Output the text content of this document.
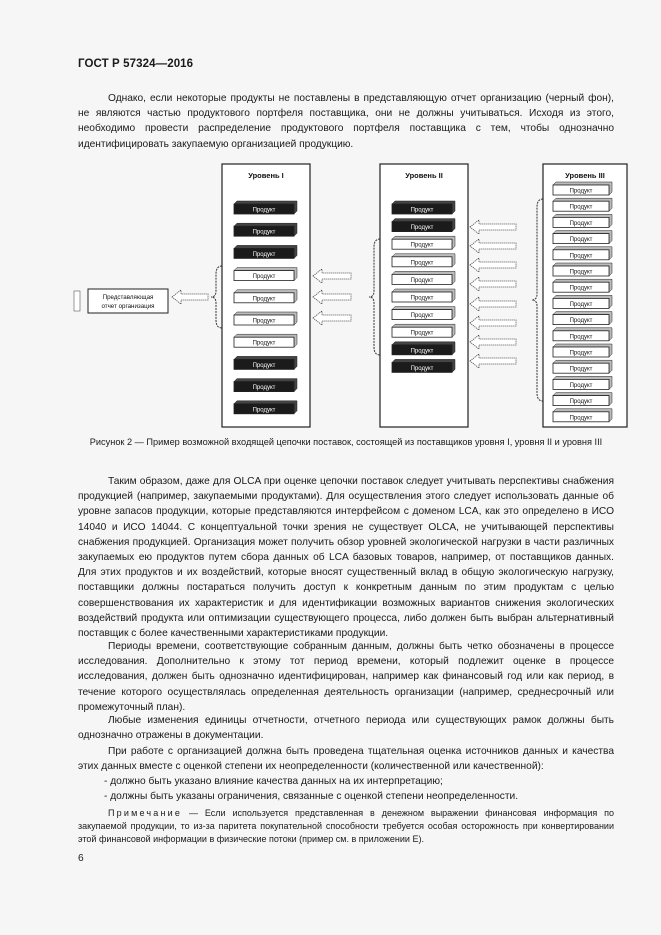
ГОСТ Р 57324—2016
Однако, если некоторые продукты не поставлены в представляющую отчет организацию (черный фон), не являются частью продуктового портфеля поставщика, они не должны учитываться. Исходя из этого, необходимо провести распределение продуктового портфеля поставщика с тем, чтобы однозначно идентифицировать закупаемую организацией продукцию.
Представляющая
отчет организация
Уровень I
Продукт
Продукт
Продукт
Продукт
Продукт
Продукт
Продукт
Продукт
Продукт
Продукт
Уровень II
Продукт
Продукт
Продукт
Продукт
Продукт
Продукт
Продукт
Продукт
Продукт
Продукт
Уровень III
Продукт
Продукт
Продукт
Продукт
Продукт
Продукт
Продукт
Продукт
Продукт
Продукт
Продукт
Продукт
Продукт
Продукт
Продукт
Рисунок 2 — Пример возможной входящей цепочки поставок, состоящей из поставщиков уровня I, уровня II и уровня III
Таким образом, даже для OLCA при оценке цепочки поставок следует учитывать перспективы снабжения продукцией (например, закупаемыми продуктами). Для осуществления этого следует использовать данные об уровне запасов продукции, которые представляются интерфейсом с доменом LCA, как это определено в ИСО 14040 и ИСО 14044. С концептуальной точки зрения не существует OLCA, не учитывающей перспективы снабжения продукцией. Организация может получить обзор уровней экологической нагрузки в части различных закупаемых ею продуктов путем сбора данных об LCA базовых товаров, например, от поставщиков данных. Для этих продуктов и их воздействий, которые вносят существенный вклад в общую экологическую нагрузку, поставщики должны постараться получить доступ к конкретным данным по этим продуктам с целью совершенствования их характеристик и для идентификации возможных вариантов снижения экологических воздействий продукта или оптимизации существующего процесса, либо должен быть выбран альтернативный поставщик с более качественными характеристиками продукции.
Периоды времени, соответствующие собранным данным, должны быть четко обозначены в процессе исследования. Дополнительно к этому тот период времени, который подлежит оценке в процессе исследования, должен быть однозначно идентифицирован, например как финансовый год или как период, в течение которого осуществлялась определенная деятельность организации (например, среднесрочный или промежуточный план).
Любые изменения единицы отчетности, отчетного периода или существующих рамок должны быть однозначно отражены в документации.
При работе с организацией должна быть проведена тщательная оценка источников данных и качества этих данных вместе с оценкой степени их неопределенности (количественной или качественной):
- должно быть указано влияние качества данных на их интерпретацию;
- должны быть указаны ограничения, связанные с оценкой степени неопределенности.
Примечание — Если используется представленная в денежном выражении финансовая информация по закупаемой продукции, то из-за паритета покупательной способности требуется особая осторожность при конвертировании этой финансовой информации в физические потоки (пример см. в приложении Е).
6
